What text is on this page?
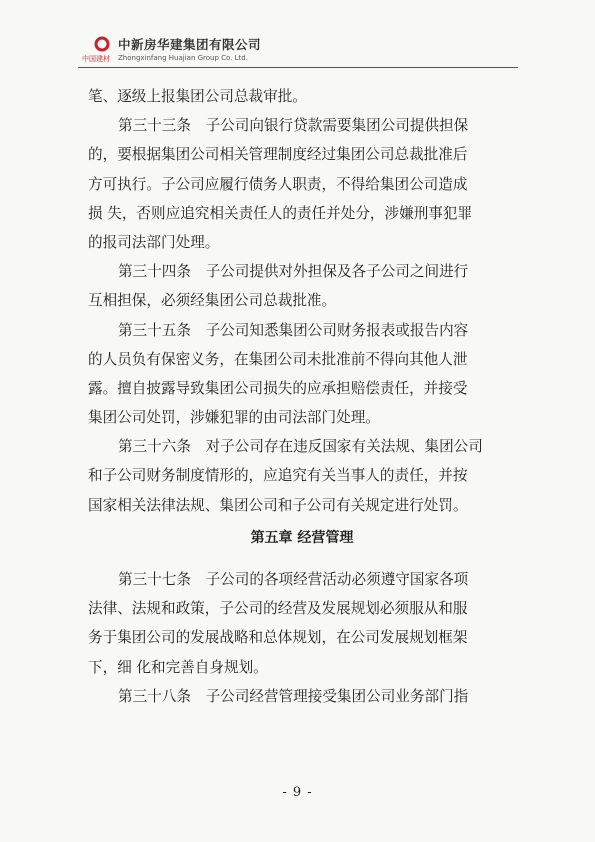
中新房华建集团有限公司
中国建材 Zhongxinfang Huajian Group Co. Ltd.
笔、逐级上报集团公司总裁审批。
第三十三条　子公司向银行贷款需要集团公司提供担保
的，要根据集团公司相关管理制度经过集团公司总裁批准后
方可执行。子公司应履行债务人职责，不得给集团公司造成
损 失，否则应追究相关责任人的责任并处分，涉嫌刑事犯罪
的报司法部门处理。
第三十四条　子公司提供对外担保及各子公司之间进行
互相担保，必须经集团公司总裁批准。
第三十五条　子公司知悉集团公司财务报表或报告内容
的人员负有保密义务，在集团公司未批准前不得向其他人泄
露。擅自披露导致集团公司损失的应承担赔偿责任，并接受
集团公司处罚，涉嫌犯罪的由司法部门处理。
第三十六条　对子公司存在违反国家有关法规、集团公司
和子公司财务制度情形的，应追究有关当事人的责任，并按
国家相关法律法规、集团公司和子公司有关规定进行处罚。
第五章 经营管理
第三十七条　子公司的各项经营活动必须遵守国家各项
法律、法规和政策，子公司的经营及发展规划必须服从和服
务于集团公司的发展战略和总体规划，在公司发展规划框架
下，细 化和完善自身规划。
第三十八条　子公司经营管理接受集团公司业务部门指
- 9 -
